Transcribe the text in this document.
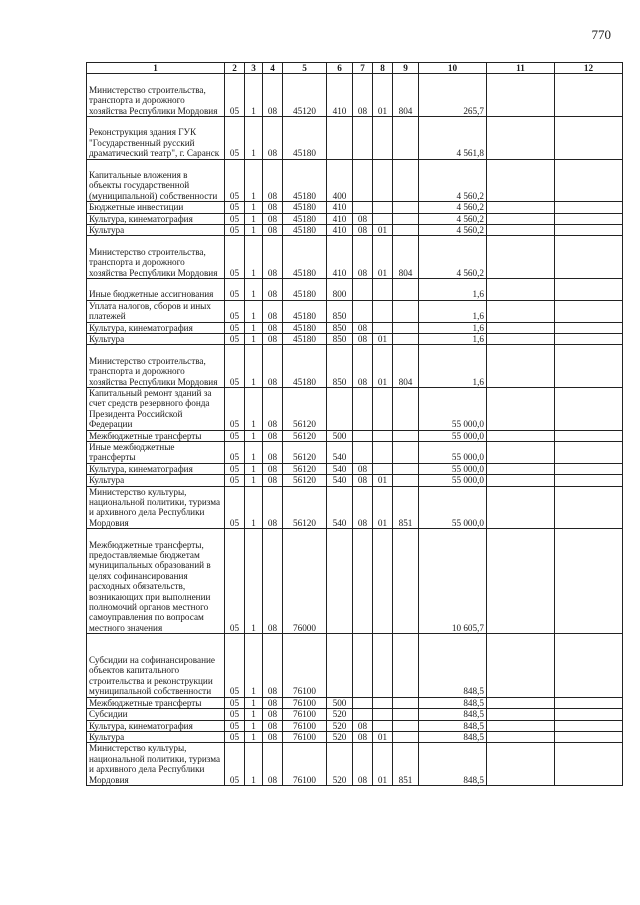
770
1	2	3	4	5	6	7	8	9	10	11	12
Министерство строительства, транспорта и дорожного хозяйства Республики Мордовия	05	1	08	45120	410	08	01	804	265,7		
Реконструкция здания ГУК "Государственный русский драматический театр", г. Саранск	05	1	08	45180					4 561,8		
Капитальные вложения в объекты государственной (муниципальной) собственности	05	1	08	45180	400				4 560,2		
Бюджетные инвестиции	05	1	08	45180	410				4 560,2		
Культура, кинематография	05	1	08	45180	410	08			4 560,2		
Культура	05	1	08	45180	410	08	01		4 560,2		
Министерство строительства, транспорта и дорожного хозяйства Республики Мордовия	05	1	08	45180	410	08	01	804	4 560,2		
Иные бюджетные ассигнования	05	1	08	45180	800				1,6		
Уплата налогов, сборов и иных платежей	05	1	08	45180	850				1,6		
Культура, кинематография	05	1	08	45180	850	08			1,6		
Культура	05	1	08	45180	850	08	01		1,6		
Министерство строительства, транспорта и дорожного хозяйства Республики Мордовия	05	1	08	45180	850	08	01	804	1,6		
Капитальный ремонт зданий за счет средств резервного фонда Президента Российской Федерации	05	1	08	56120					55 000,0		
Межбюджетные трансферты	05	1	08	56120	500				55 000,0		
Иные межбюджетные трансферты	05	1	08	56120	540				55 000,0		
Культура, кинематография	05	1	08	56120	540	08			55 000,0		
Культура	05	1	08	56120	540	08	01		55 000,0		
Министерство культуры, национальной политики, туризма и архивного дела Республики Мордовия	05	1	08	56120	540	08	01	851	55 000,0		
Межбюджетные трансферты, предоставляемые бюджетам муниципальных образований в целях софинансирования расходных обязательств, возникающих при выполнении полномочий органов местного самоуправления по вопросам местного значения	05	1	08	76000					10 605,7		
Субсидии на софинансирование объектов капитального строительства и реконструкции муниципальной собственности	05	1	08	76100					848,5		
Межбюджетные трансферты	05	1	08	76100	500				848,5		
Субсидии	05	1	08	76100	520				848,5		
Культура, кинематография	05	1	08	76100	520	08			848,5		
Культура	05	1	08	76100	520	08	01		848,5		
Министерство культуры, национальной политики, туризма и архивного дела Республики Мордовия	05	1	08	76100	520	08	01	851	848,5		
